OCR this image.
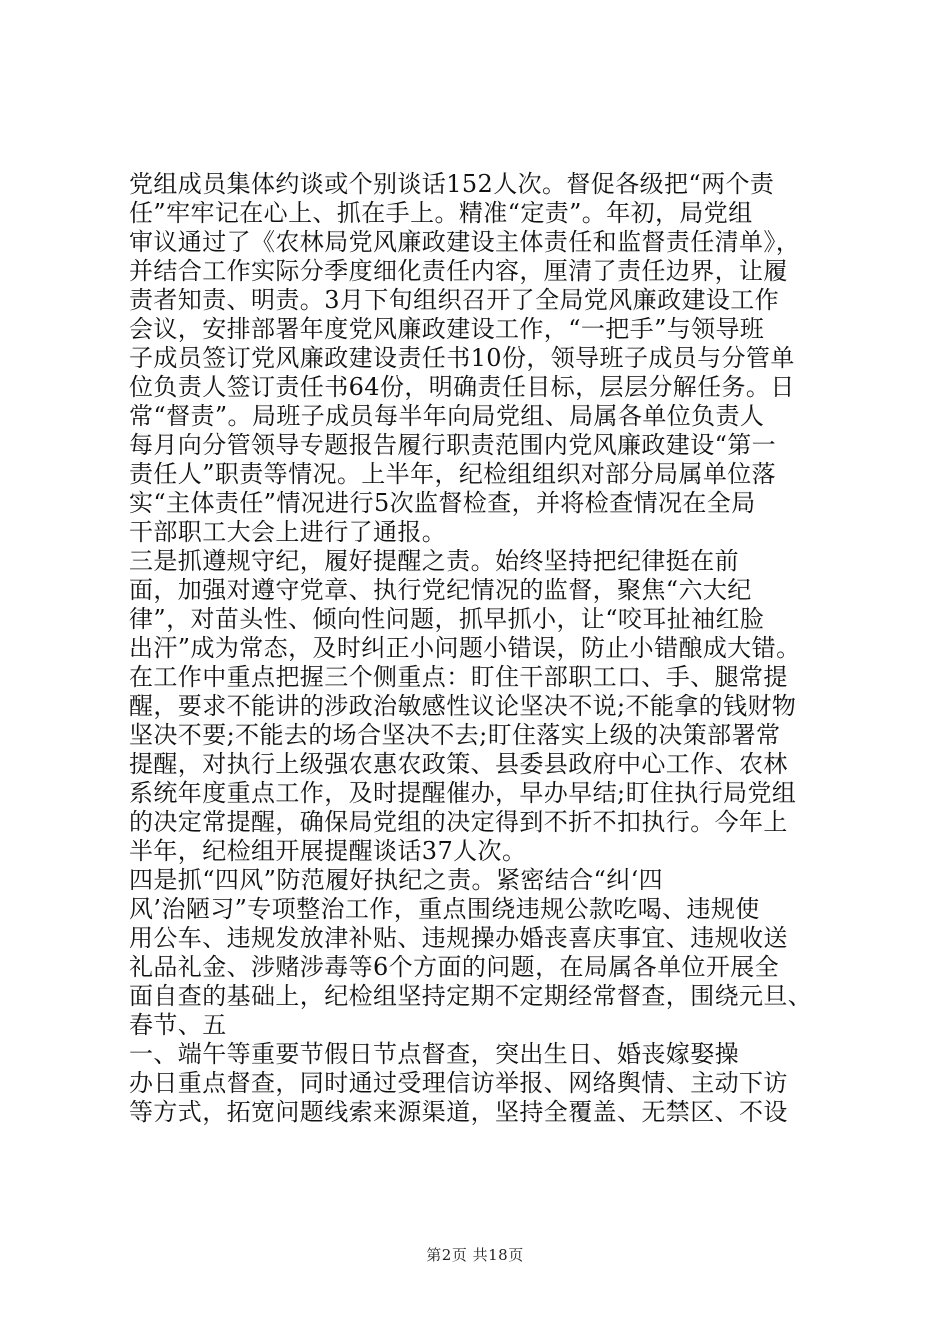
党组成员集体约谈或个别谈话152人次。督促各级把“两个责
任”牢牢记在心上、抓在手上。精准“定责”。年初，局党组
审议通过了《农林局党风廉政建设主体责任和监督责任清单》，
并结合工作实际分季度细化责任内容，厘清了责任边界，让履
责者知责、明责。3月下旬组织召开了全局党风廉政建设工作
会议，安排部署年度党风廉政建设工作，“一把手”与领导班
子成员签订党风廉政建设责任书10份，领导班子成员与分管单
位负责人签订责任书64份，明确责任目标，层层分解任务。日
常“督责”。局班子成员每半年向局党组、局属各单位负责人
每月向分管领导专题报告履行职责范围内党风廉政建设“第一
责任人”职责等情况。上半年，纪检组组织对部分局属单位落
实“主体责任”情况进行5次监督检查，并将检查情况在全局
干部职工大会上进行了通报。
三是抓遵规守纪，履好提醒之责。始终坚持把纪律挺在前
面，加强对遵守党章、执行党纪情况的监督，聚焦“六大纪
律”，对苗头性、倾向性问题，抓早抓小，让“咬耳扯袖红脸
出汗”成为常态，及时纠正小问题小错误，防止小错酿成大错。
在工作中重点把握三个侧重点：盯住干部职工口、手、腿常提
醒，要求不能讲的涉政治敏感性议论坚决不说;不能拿的钱财物
坚决不要;不能去的场合坚决不去;盯住落实上级的决策部署常
提醒，对执行上级强农惠农政策、县委县政府中心工作、农林
系统年度重点工作，及时提醒催办，早办早结;盯住执行局党组
的决定常提醒，确保局党组的决定得到不折不扣执行。今年上
半年，纪检组开展提醒谈话37人次。
四是抓“四风”防范履好执纪之责。紧密结合“纠‘四
风’治陋习”专项整治工作，重点围绕违规公款吃喝、违规使
用公车、违规发放津补贴、违规操办婚丧喜庆事宜、违规收送
礼品礼金、涉赌涉毒等6个方面的问题，在局属各单位开展全
面自查的基础上，纪检组坚持定期不定期经常督查，围绕元旦、
春节、五
一、端午等重要节假日节点督查，突出生日、婚丧嫁娶操
办日重点督查，同时通过受理信访举报、网络舆情、主动下访
等方式，拓宽问题线索来源渠道，坚持全覆盖、无禁区、不设
第2页 共18页
